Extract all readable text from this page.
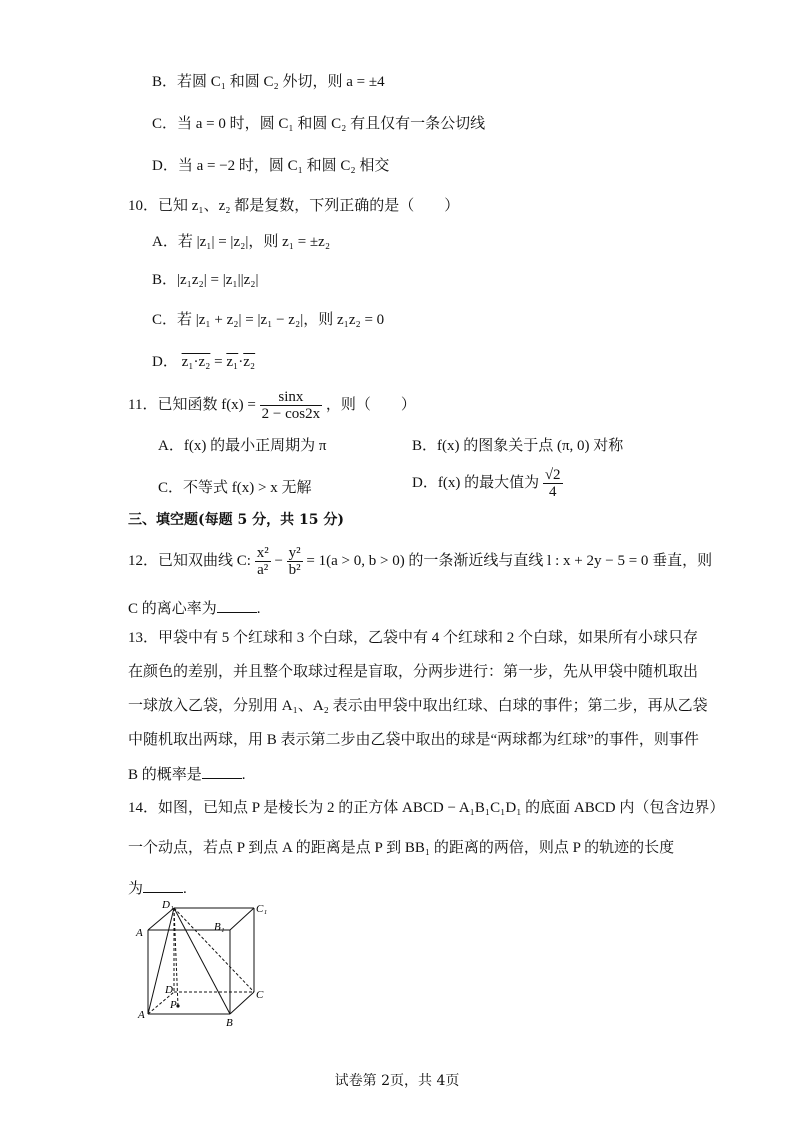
B．若圆 C₁ 和圆 C₂ 外切，则 a = ±4
C．当 a = 0 时，圆 C₁ 和圆 C₂ 有且仅有一条公切线
D．当 a = −2 时，圆 C₁ 和圆 C₂ 相交
10．已知 z₁、z₂ 都是复数，下列正确的是（　　）
A．若 |z₁| = |z₂|，则 z₁ = ±z₂
B．|z₁z₂| = |z₁||z₂|
C．若 |z₁ + z₂| = |z₁ − z₂|，则 z₁z₂ = 0
D． z₁·z₂ = z₁·z₂
11．已知函数 $f(x) = \frac{\sin x}{2 - \cos 2x}$ ，则（　　）
A．f(x) 的最小正周期为 π	B．f(x) 的图象关于点 (π, 0) 对称
C．不等式 f(x) > x 无解	D．f(x) 的最大值为 $\frac{√2}{4}$
三、填空题(每题 5 分，共 15 分)
12．已知双曲线 C: $\frac{\text{x²}}{\text{a²}} - \frac{\text{y²}}{\text{b²}} = 1(a > 0$, b > 0) 的一条渐近线与直线 l : x + 2y − 5 = 0 垂直，则
C 的离心率为	.
13．甲袋中有 5 个红球和 3 个白球，乙袋中有 4 个红球和 2 个白球，如果所有小球只存
在颜色的差别，并且整个取球过程是盲取，分两步进行：第一步，先从甲袋中随机取出
一球放入乙袋，分别用 A₁、A₂ 表示由甲袋中取出红球、白球的事件；第二步，再从乙袋
中随机取出两球，用 B 表示第二步由乙袋中取出的球是“两球都为红球”的事件，则事件
B 的概率是	.
14．如图，已知点 P 是棱长为 2 的正方体 ABCD − A₁B₁C₁D₁ 的底面 ABCD 内（包含边界）
一个动点，若点 P 到点 A 的距离是点 P 到 BB₁ 的距离的两倍，则点 P 的轨迹的长度
为	.
D₁	C₁
A	B₁
D
P
C
A
B
试卷第 2页，共 4页
